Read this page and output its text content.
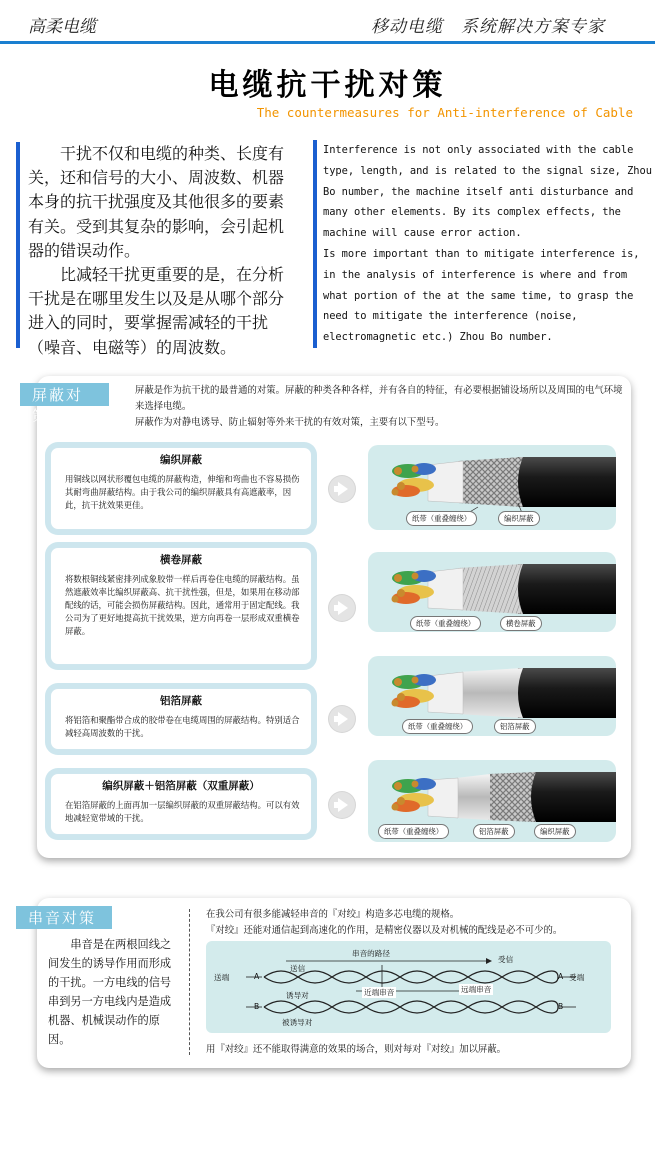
高柔电缆	移动电缆 系统解决方案专家
电缆抗干扰对策
The countermeasures for Anti-interference of Cable

干扰不仅和电缆的种类、长度有关，还和信号的大小、周波数、机器本身的抗干扰强度及其他很多的要素有关。受到其复杂的影响，会引起机器的错误动作。

比减轻干扰更重要的是，在分析干扰是在哪里发生以及是从哪个部分进入的同时，要掌握需减轻的干扰（噪音、电磁等）的周波数。

Interference is not only associated with the cable type, length, and is related to the signal size, Zhou Bo number, the machine itself anti disturbance and many other elements. By its complex effects, the machine will cause error action.

Is more important than to mitigate interference is, in the analysis of interference is where and from what portion of the at the same time, to grasp the need to mitigate the interference (noise, electromagnetic etc.) Zhou Bo number.

屏蔽对策
屏蔽是作为抗干扰的最普通的对策。屏蔽的种类各种各样，并有各自的特征，有必要根据铺设场所以及周围的电气环境来选择电缆。
屏蔽作为对静电诱导、防止辐射等外来干扰的有效对策，主要有以下型号。
编织屏蔽
用铜线以网状形覆包电缆的屏蔽构造，伸缩和弯曲也不容易损伤其耐弯曲屏蔽结构。由于我公司的编织屏蔽具有高遮蔽率，因此，抗干扰效果更佳。
横卷屏蔽
将数根铜线紧密排列成象胶带一样后再卷住电缆的屏蔽结构。虽然遮蔽效率比编织屏蔽高、抗干扰性强，但是，如果用在移动部配线的话，可能会损伤屏蔽结构。因此，通常用于固定配线。我公司为了更好地提高抗干扰效果，逆方向再卷一层形成双重横卷屏蔽。
铝箔屏蔽
将铝箔和聚酯带合成的胶带卷在电缆周围的屏蔽结构。特别适合减轻高周波数的干扰。
编织屏蔽＋铝箔屏蔽（双重屏蔽）
在铝箔屏蔽的上面再加一层编织屏蔽的双重屏蔽结构。可以有效地减轻宽带域的干扰。
纸带（重叠缠绕）	编织屏蔽
纸带（重叠缠绕）	横卷屏蔽
纸带（重叠缠绕）	铝箔屏蔽
纸带（重叠缠绕）	铝箔屏蔽	编织屏蔽
串音对策

串音是在两根回线之间发生的诱导作用而形成的干扰。一方电线的信号串到另一方电线内是造成机器、机械误动作的原因。

在我公司有很多能减轻串音的『对绞』构造多芯电缆的规格。
『对绞』还能对通信起到高速化的作用，是精密仪器以及对机械的配线是必不可少的。
串音的路径
送信
受信
送端	A	A 受端
诱导对	近端串音	远端串音
B	B
被诱导对
用『对绞』还不能取得满意的效果的场合，则对每对『对绞』加以屏蔽。
